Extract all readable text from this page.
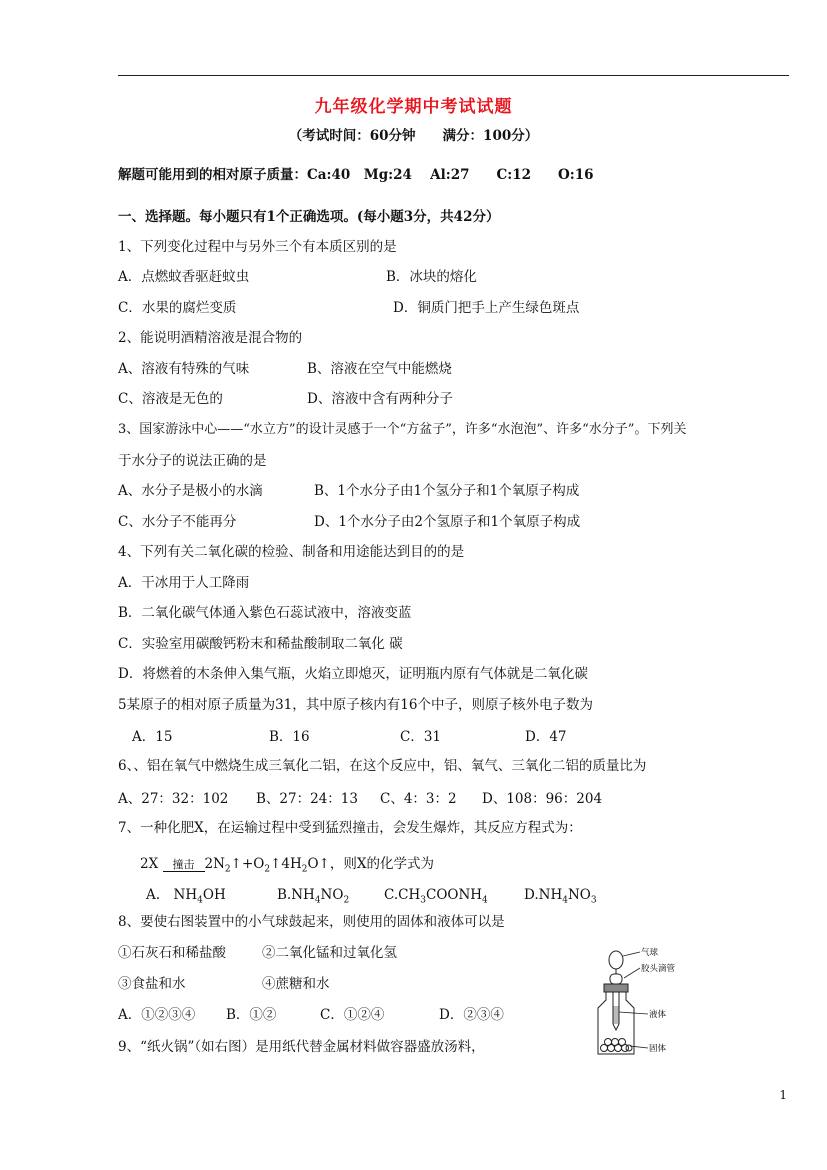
九年级化学期中考试试题
（考试时间：60分钟　　满分：100分）
解题可能用到的相对原子质量：Ca:40　Mg:24　 Al:27　　C:12　　O:16
一、选择题。每小题只有1个正确选项。(每小题3分，共42分）
1、下列变化过程中与另外三个有本质区别的是
A．点燃蚊香驱赶蚊虫	B．冰块的熔化
C．水果的腐烂变质	D．铜质门把手上产生绿色斑点
2、能说明酒精溶液是混合物的
A、溶液有特殊的气味	B、溶液在空气中能燃烧
C、溶液是无色的	D、溶液中含有两种分子
3、国家游泳中心——“水立方”的设计灵感于一个“方盆子”，许多“水泡泡”、许多“水分子”。下列关
于水分子的说法正确的是
A、水分子是极小的水滴	B、1个水分子由1个氢分子和1个氧原子构成
C、水分子不能再分	D、1个水分子由2个氢原子和1个氧原子构成
4、下列有关二氧化碳的检验、制备和用途能达到目的的是
A．干冰用于人工降雨
B．二氧化碳气体通入紫色石蕊试液中，溶液变蓝
C．实验室用碳酸钙粉末和稀盐酸制取二氧化 碳
D．将燃着的木条伸入集气瓶，火焰立即熄灭，证明瓶内原有气体就是二氧化碳
5某原子的相对原子质量为31，其中原子核内有16个中子，则原子核外电子数为
A．15	B．16	C．31	D．47
6、、铝在氧气中燃烧生成三氧化二铝，在这个反应中，铝、氧气、三氧化二铝的质量比为
A、27：32：102 B、27：24：13 C、4：3：2 D、108：96：204
7、一种化肥X，在运输过程中受到猛烈撞击，会发生爆炸，其反应方程式为：
2X	撞击 $2N_2↑+O_2↑4H_2O↑$，则X的化学式为
A.　$NH_4OH$	$B.NH_4NO_2$	$C.CH_3COONH_4$	$D.NH_4NO_3$
8、要使右图装置中的小气球鼓起来，则使用的固体和液体可以是
①石灰石和稀盐酸	②二氧化锰和过氧化氢
③食盐和水	④蔗糖和水
A．①②③④ B．①②	C．①②④	D．②③④
9、“纸火锅”（如右图）是用纸代替金属材料做容器盛放汤料，
气球
胶头滴管
液体
固体
1
